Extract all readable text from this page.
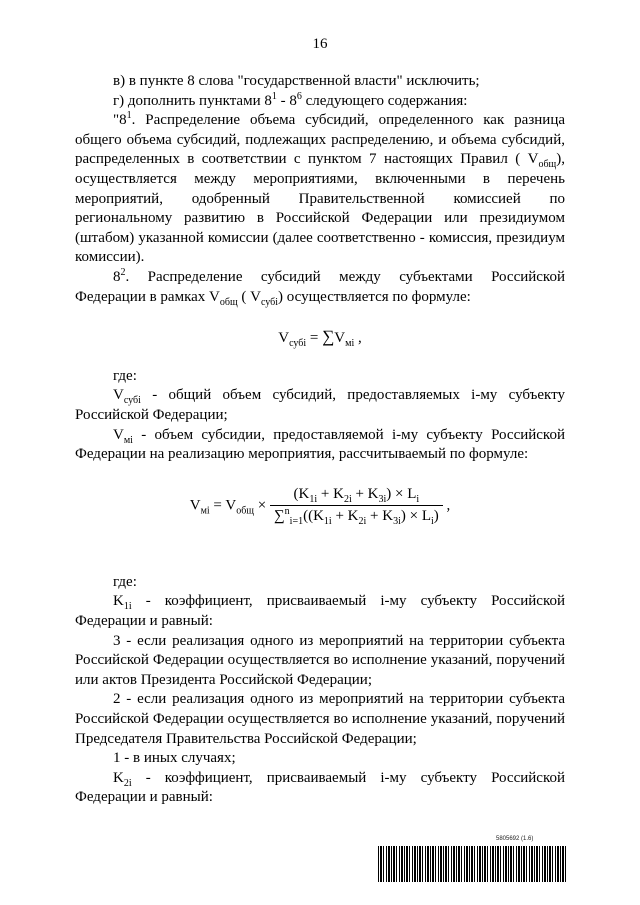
16

в) в пункте 8 слова "государственной власти" исключить;

г) дополнить пунктами $8^1 - 8^6$ следующего содержания:

"$8^1$. Распределение объема субсидий, определенного как разница общего объема субсидий, подлежащих распределению, и объема субсидий, распределенных в соответствии с пунктом 7 настоящих Правил ( $V_{общ}$), осуществляется между мероприятиями, включенными в перечень мероприятий, одобренный Правительственной комиссией по региональному развитию в Российской Федерации или президиумом (штабом) указанной комиссии (далее соответственно - комиссия, президиум комиссии).

$8^2$. Распределение субсидий между субъектами Российской Федерации в рамках $V_{общ}$ ( $V_{субi}$) осуществляется по формуле:

$V_{субi} = \sum V_{мi}$ ,

где:

$V_{субi}$ - общий объем субсидий, предоставляемых i-му субъекту Российской Федерации;

$V_{мi}$ - объем субсидии, предоставляемой i-му субъекту Российской Федерации на реализацию мероприятия, рассчитываемый по формуле:

$V_{мi} = V_{общ} \times \frac{(K_{1i} + K_{2i} + K_{3i}) \times L_i}{\sum^n_{i=1}((K_{1i} + K_{2i} + K_{3i}) \times L_i)}$ ,

где:

$K_{1i}$ - коэффициент, присваиваемый i-му субъекту Российской Федерации и равный:

3 - если реализация одного из мероприятий на территории субъекта Российской Федерации осуществляется во исполнение указаний, поручений или актов Президента Российской Федерации;

2 - если реализация одного из мероприятий на территории субъекта Российской Федерации осуществляется во исполнение указаний, поручений Председателя Правительства Российской Федерации;

1 - в иных случаях;

$K_{2i}$ - коэффициент, присваиваемый i-му субъекту Российской Федерации и равный:

5805692 (1.6)
